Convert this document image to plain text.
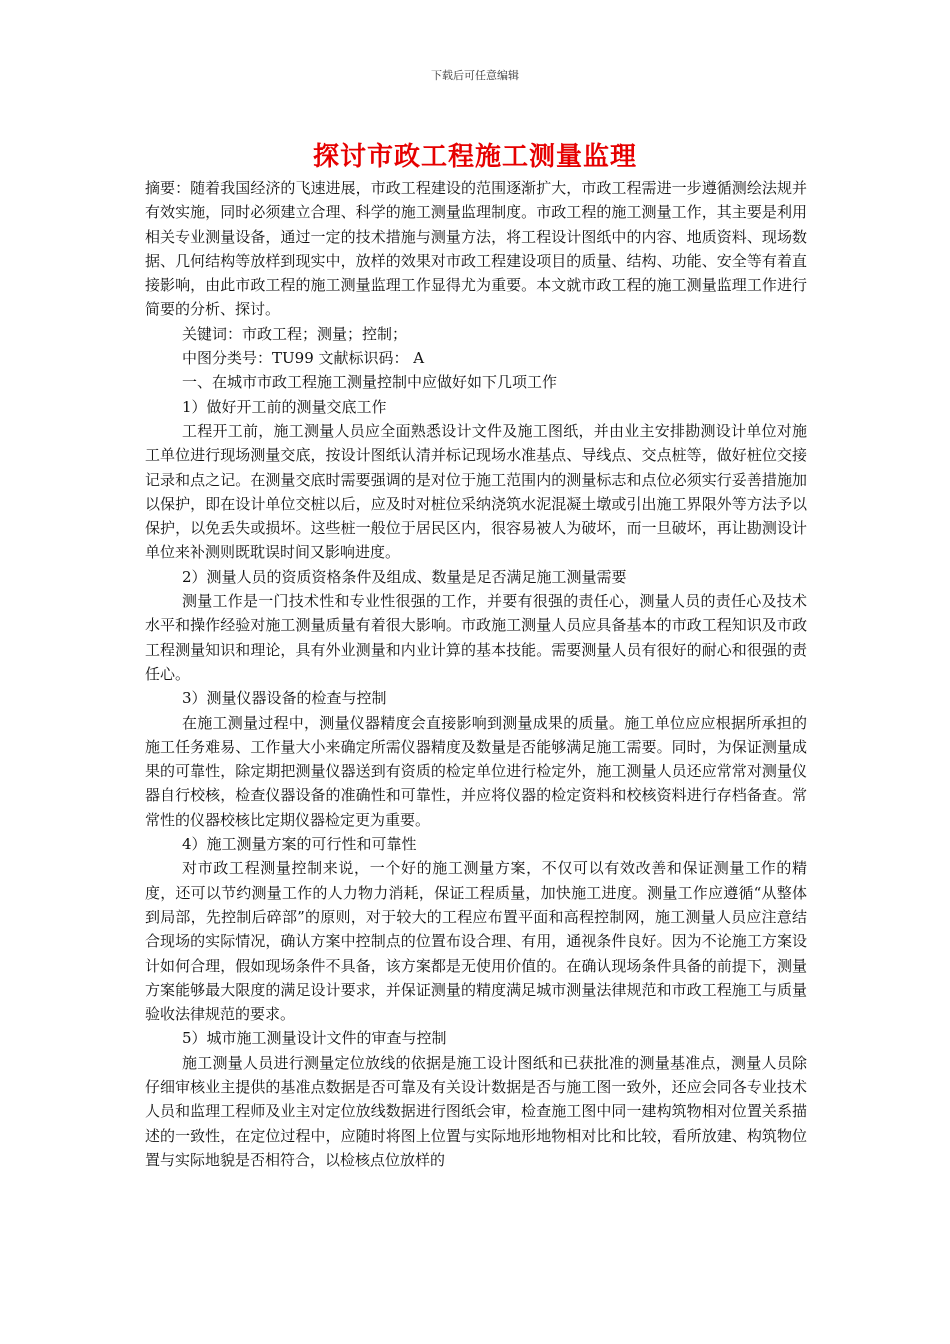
下载后可任意编辑
探讨市政工程施工测量监理

摘要：随着我国经济的飞速进展，市政工程建设的范围逐渐扩大，市政工程需进一步遵循测绘法规并有效实施，同时必须建立合理、科学的施工测量监理制度。市政工程的施工测量工作，其主要是利用相关专业测量设备，通过一定的技术措施与测量方法，将工程设计图纸中的内容、地质资料、现场数据、几何结构等放样到现实中，放样的效果对市政工程建设项目的质量、结构、功能、安全等有着直接影响，由此市政工程的施工测量监理工作显得尤为重要。本文就市政工程的施工测量监理工作进行简要的分析、探讨。

关键词：市政工程；测量；控制；

中图分类号：TU99 文献标识码： A

一、在城市市政工程施工测量控制中应做好如下几项工作

1）做好开工前的测量交底工作

工程开工前，施工测量人员应全面熟悉设计文件及施工图纸，并由业主安排勘测设计单位对施工单位进行现场测量交底，按设计图纸认清并标记现场水准基点、导线点、交点桩等，做好桩位交接记录和点之记。在测量交底时需要强调的是对位于施工范围内的测量标志和点位必须实行妥善措施加以保护，即在设计单位交桩以后，应及时对桩位采纳浇筑水泥混凝土墩或引出施工界限外等方法予以保护，以免丢失或损坏。这些桩一般位于居民区内，很容易被人为破坏，而一旦破坏，再让勘测设计单位来补测则既耽误时间又影响进度。

2）测量人员的资质资格条件及组成、数量是足否满足施工测量需要

测量工作是一门技术性和专业性很强的工作，并要有很强的责任心，测量人员的责任心及技术水平和操作经验对施工测量质量有着很大影响。市政施工测量人员应具备基本的市政工程知识及市政工程测量知识和理论，具有外业测量和内业计算的基本技能。需要测量人员有很好的耐心和很强的责任心。

3）测量仪器设备的检查与控制

在施工测量过程中，测量仪器精度会直接影响到测量成果的质量。施工单位应应根据所承担的施工任务难易、工作量大小来确定所需仪器精度及数量是否能够满足施工需要。同时，为保证测量成果的可靠性，除定期把测量仪器送到有资质的检定单位进行检定外，施工测量人员还应常常对测量仪器自行校核，检查仪器设备的准确性和可靠性，并应将仪器的检定资料和校核资料进行存档备查。常常性的仪器校核比定期仪器检定更为重要。

4）施工测量方案的可行性和可靠性

对市政工程测量控制来说，一个好的施工测量方案，不仅可以有效改善和保证测量工作的精度，还可以节约测量工作的人力物力消耗，保证工程质量，加快施工进度。测量工作应遵循“从整体到局部，先控制后碎部”的原则，对于较大的工程应布置平面和高程控制网，施工测量人员应注意结合现场的实际情况，确认方案中控制点的位置布设合理、有用，通视条件良好。因为不论施工方案设计如何合理，假如现场条件不具备，该方案都是无使用价值的。在确认现场条件具备的前提下，测量方案能够最大限度的满足设计要求，并保证测量的精度满足城市测量法律规范和市政工程施工与质量验收法律规范的要求。

5）城市施工测量设计文件的审查与控制

施工测量人员进行测量定位放线的依据是施工设计图纸和已获批准的测量基准点，测量人员除仔细审核业主提供的基准点数据是否可靠及有关设计数据是否与施工图一致外，还应会同各专业技术人员和监理工程师及业主对定位放线数据进行图纸会审，检查施工图中同一建构筑物相对位置关系描述的一致性，在定位过程中，应随时将图上位置与实际地形地物相对比和比较，看所放建、构筑物位置与实际地貌是否相符合，以检核点位放样的
